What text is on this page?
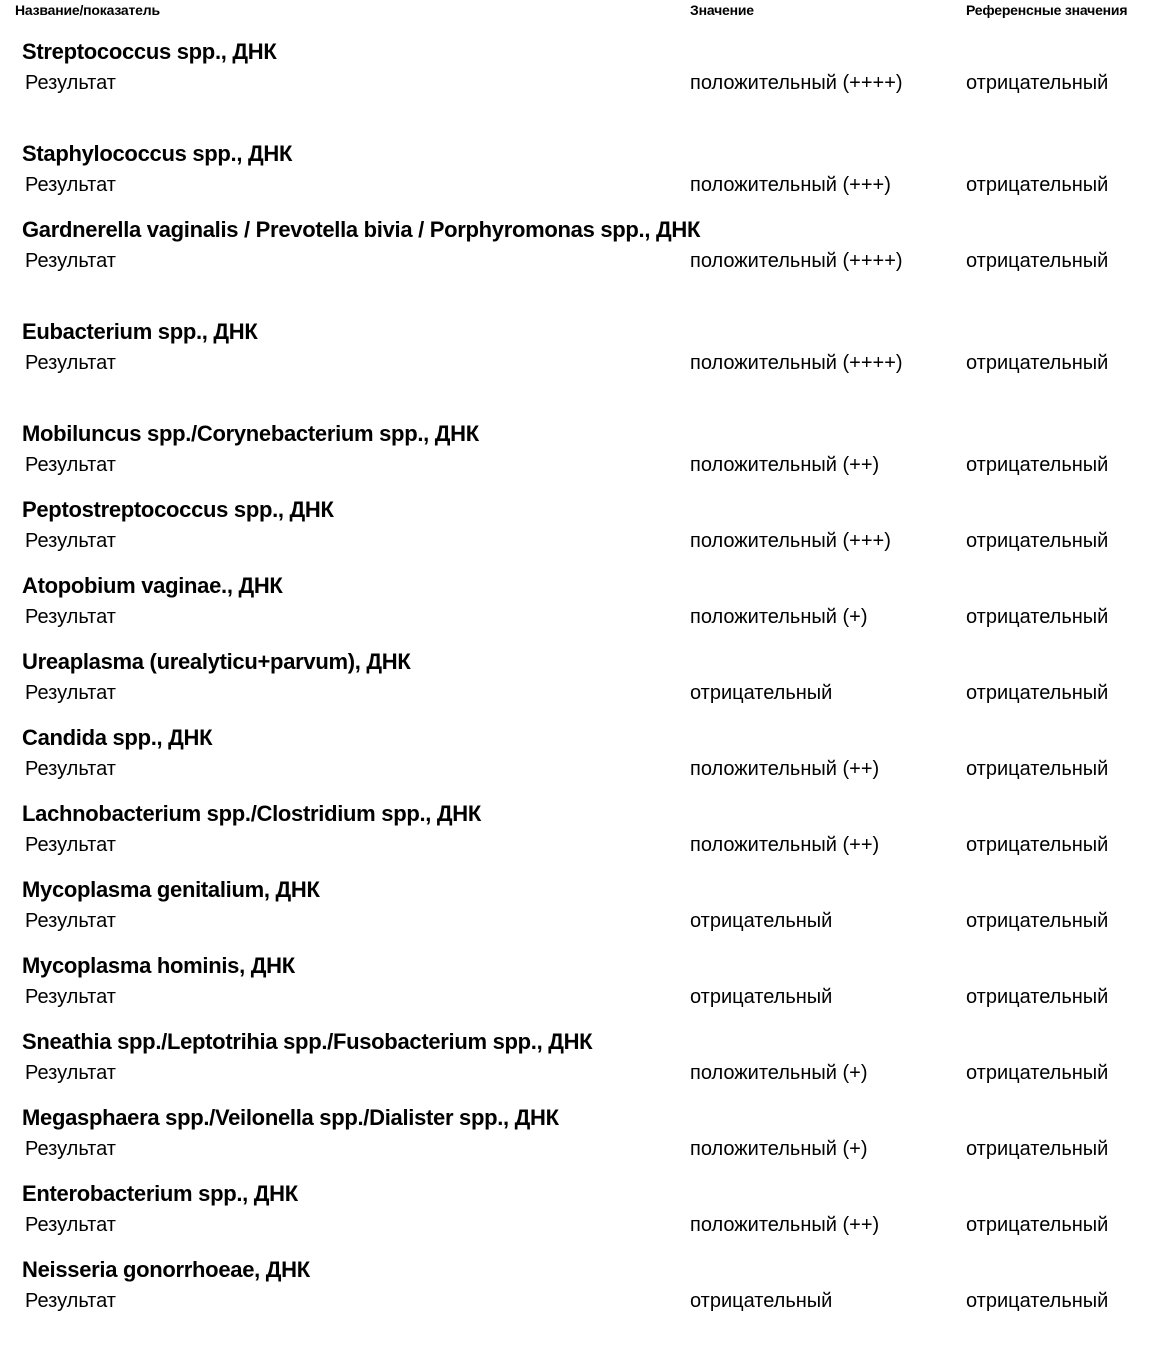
Название/показатель	Значение	Референсные значения
Streptococcus spp., ДНК
Результат	положительный (++++)	отрицательный
Staphylococcus spp., ДНК
Результат	положительный (+++)	отрицательный
Gardnerella vaginalis / Prevotella bivia / Porphyromonas spp., ДНК
Результат	положительный (++++)	отрицательный
Eubacterium spp., ДНК
Результат	положительный (++++)	отрицательный
Mobiluncus spp./Corynebacterium spp., ДНК
Результат	положительный (++)	отрицательный
Peptostreptococcus spp., ДНК
Результат	положительный (+++)	отрицательный
Atopobium vaginae., ДНК
Результат	положительный (+)	отрицательный
Ureaplasma (urealyticu+parvum), ДНК
Результат	отрицательный	отрицательный
Candida spp., ДНК
Результат	положительный (++)	отрицательный
Lachnobacterium spp./Clostridium spp., ДНК
Результат	положительный (++)	отрицательный
Mycoplasma genitalium, ДНК
Результат	отрицательный	отрицательный
Mycoplasma hominis, ДНК
Результат	отрицательный	отрицательный
Sneathia spp./Leptotrihia spp./Fusobacterium spp., ДНК
Результат	положительный (+)	отрицательный
Megasphaera spp./Veilonella spp./Dialister spp., ДНК
Результат	положительный (+)	отрицательный
Enterobacterium spp., ДНК
Результат	положительный (++)	отрицательный
Neisseria gonorrhoeae, ДНК
Результат	отрицательный	отрицательный
